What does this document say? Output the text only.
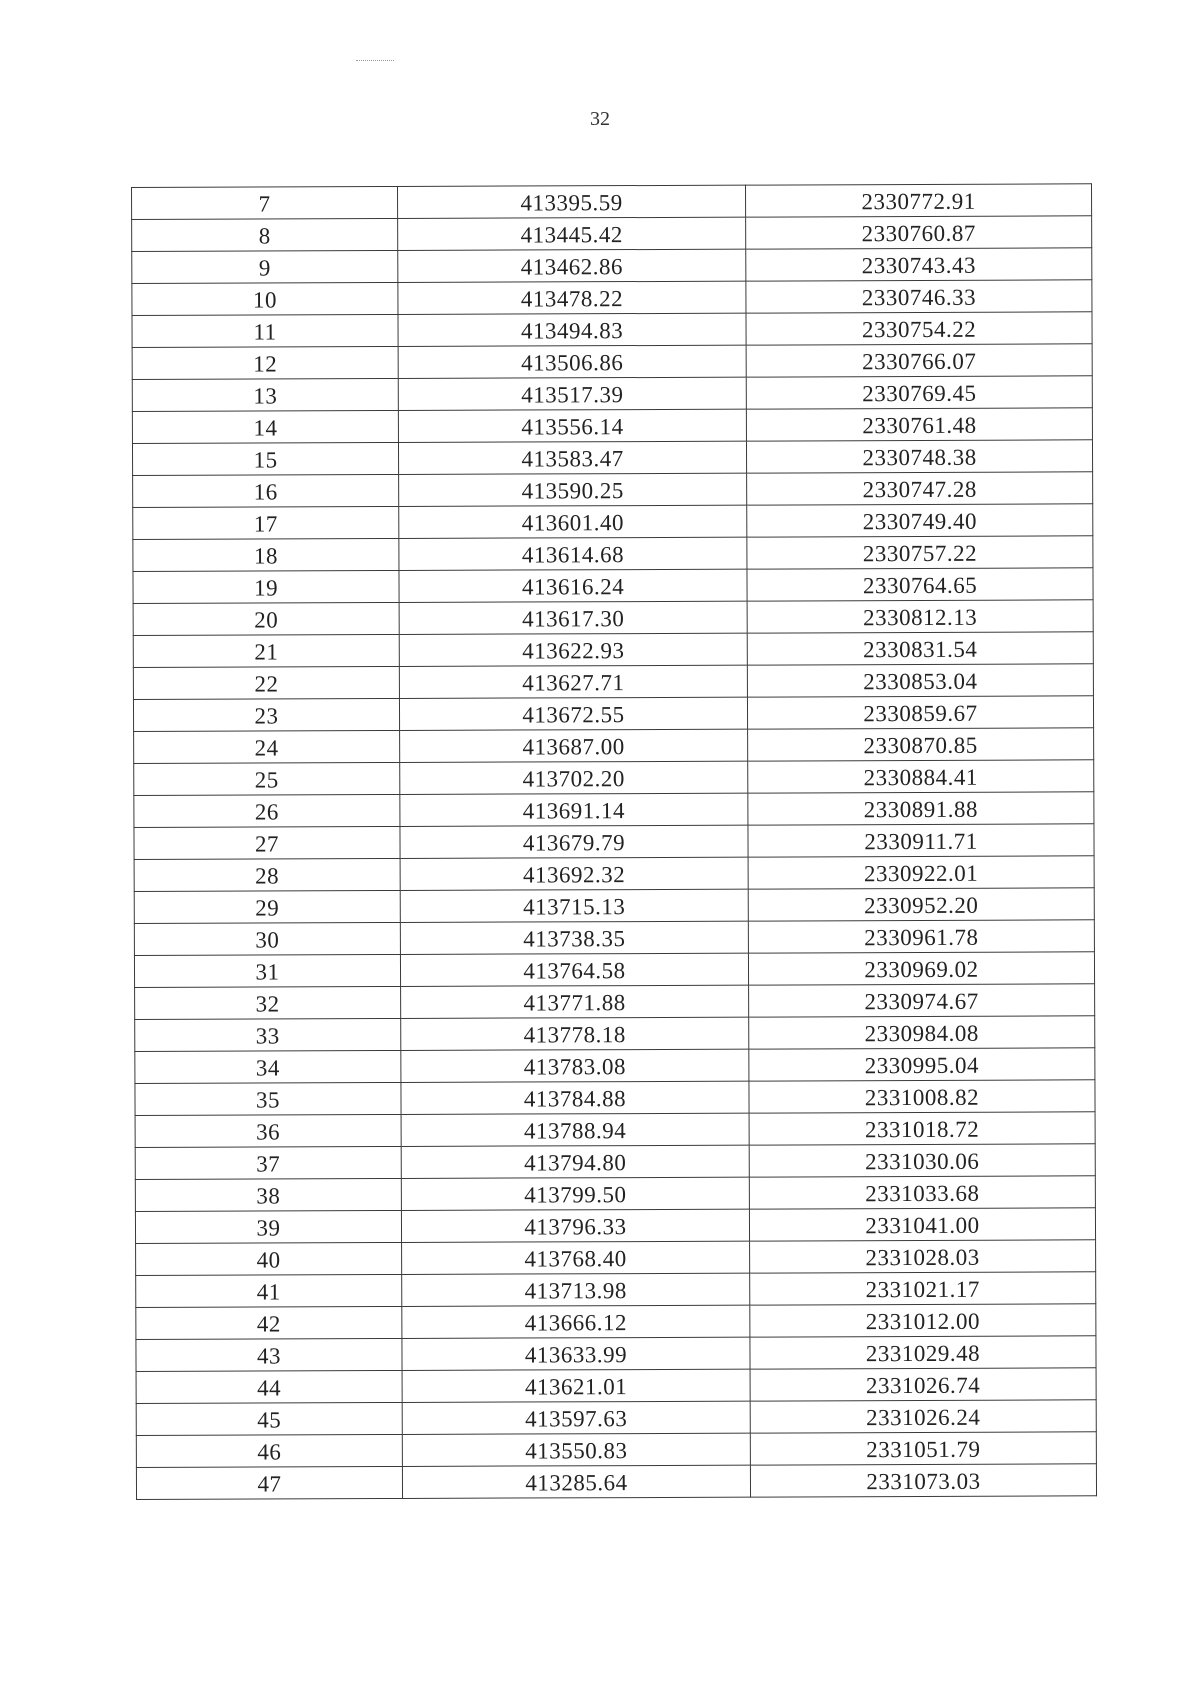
32
7	413395.59	2330772.91
8	413445.42	2330760.87
9	413462.86	2330743.43
10	413478.22	2330746.33
11	413494.83	2330754.22
12	413506.86	2330766.07
13	413517.39	2330769.45
14	413556.14	2330761.48
15	413583.47	2330748.38
16	413590.25	2330747.28
17	413601.40	2330749.40
18	413614.68	2330757.22
19	413616.24	2330764.65
20	413617.30	2330812.13
21	413622.93	2330831.54
22	413627.71	2330853.04
23	413672.55	2330859.67
24	413687.00	2330870.85
25	413702.20	2330884.41
26	413691.14	2330891.88
27	413679.79	2330911.71
28	413692.32	2330922.01
29	413715.13	2330952.20
30	413738.35	2330961.78
31	413764.58	2330969.02
32	413771.88	2330974.67
33	413778.18	2330984.08
34	413783.08	2330995.04
35	413784.88	2331008.82
36	413788.94	2331018.72
37	413794.80	2331030.06
38	413799.50	2331033.68
39	413796.33	2331041.00
40	413768.40	2331028.03
41	413713.98	2331021.17
42	413666.12	2331012.00
43	413633.99	2331029.48
44	413621.01	2331026.74
45	413597.63	2331026.24
46	413550.83	2331051.79
47	413285.64	2331073.03
